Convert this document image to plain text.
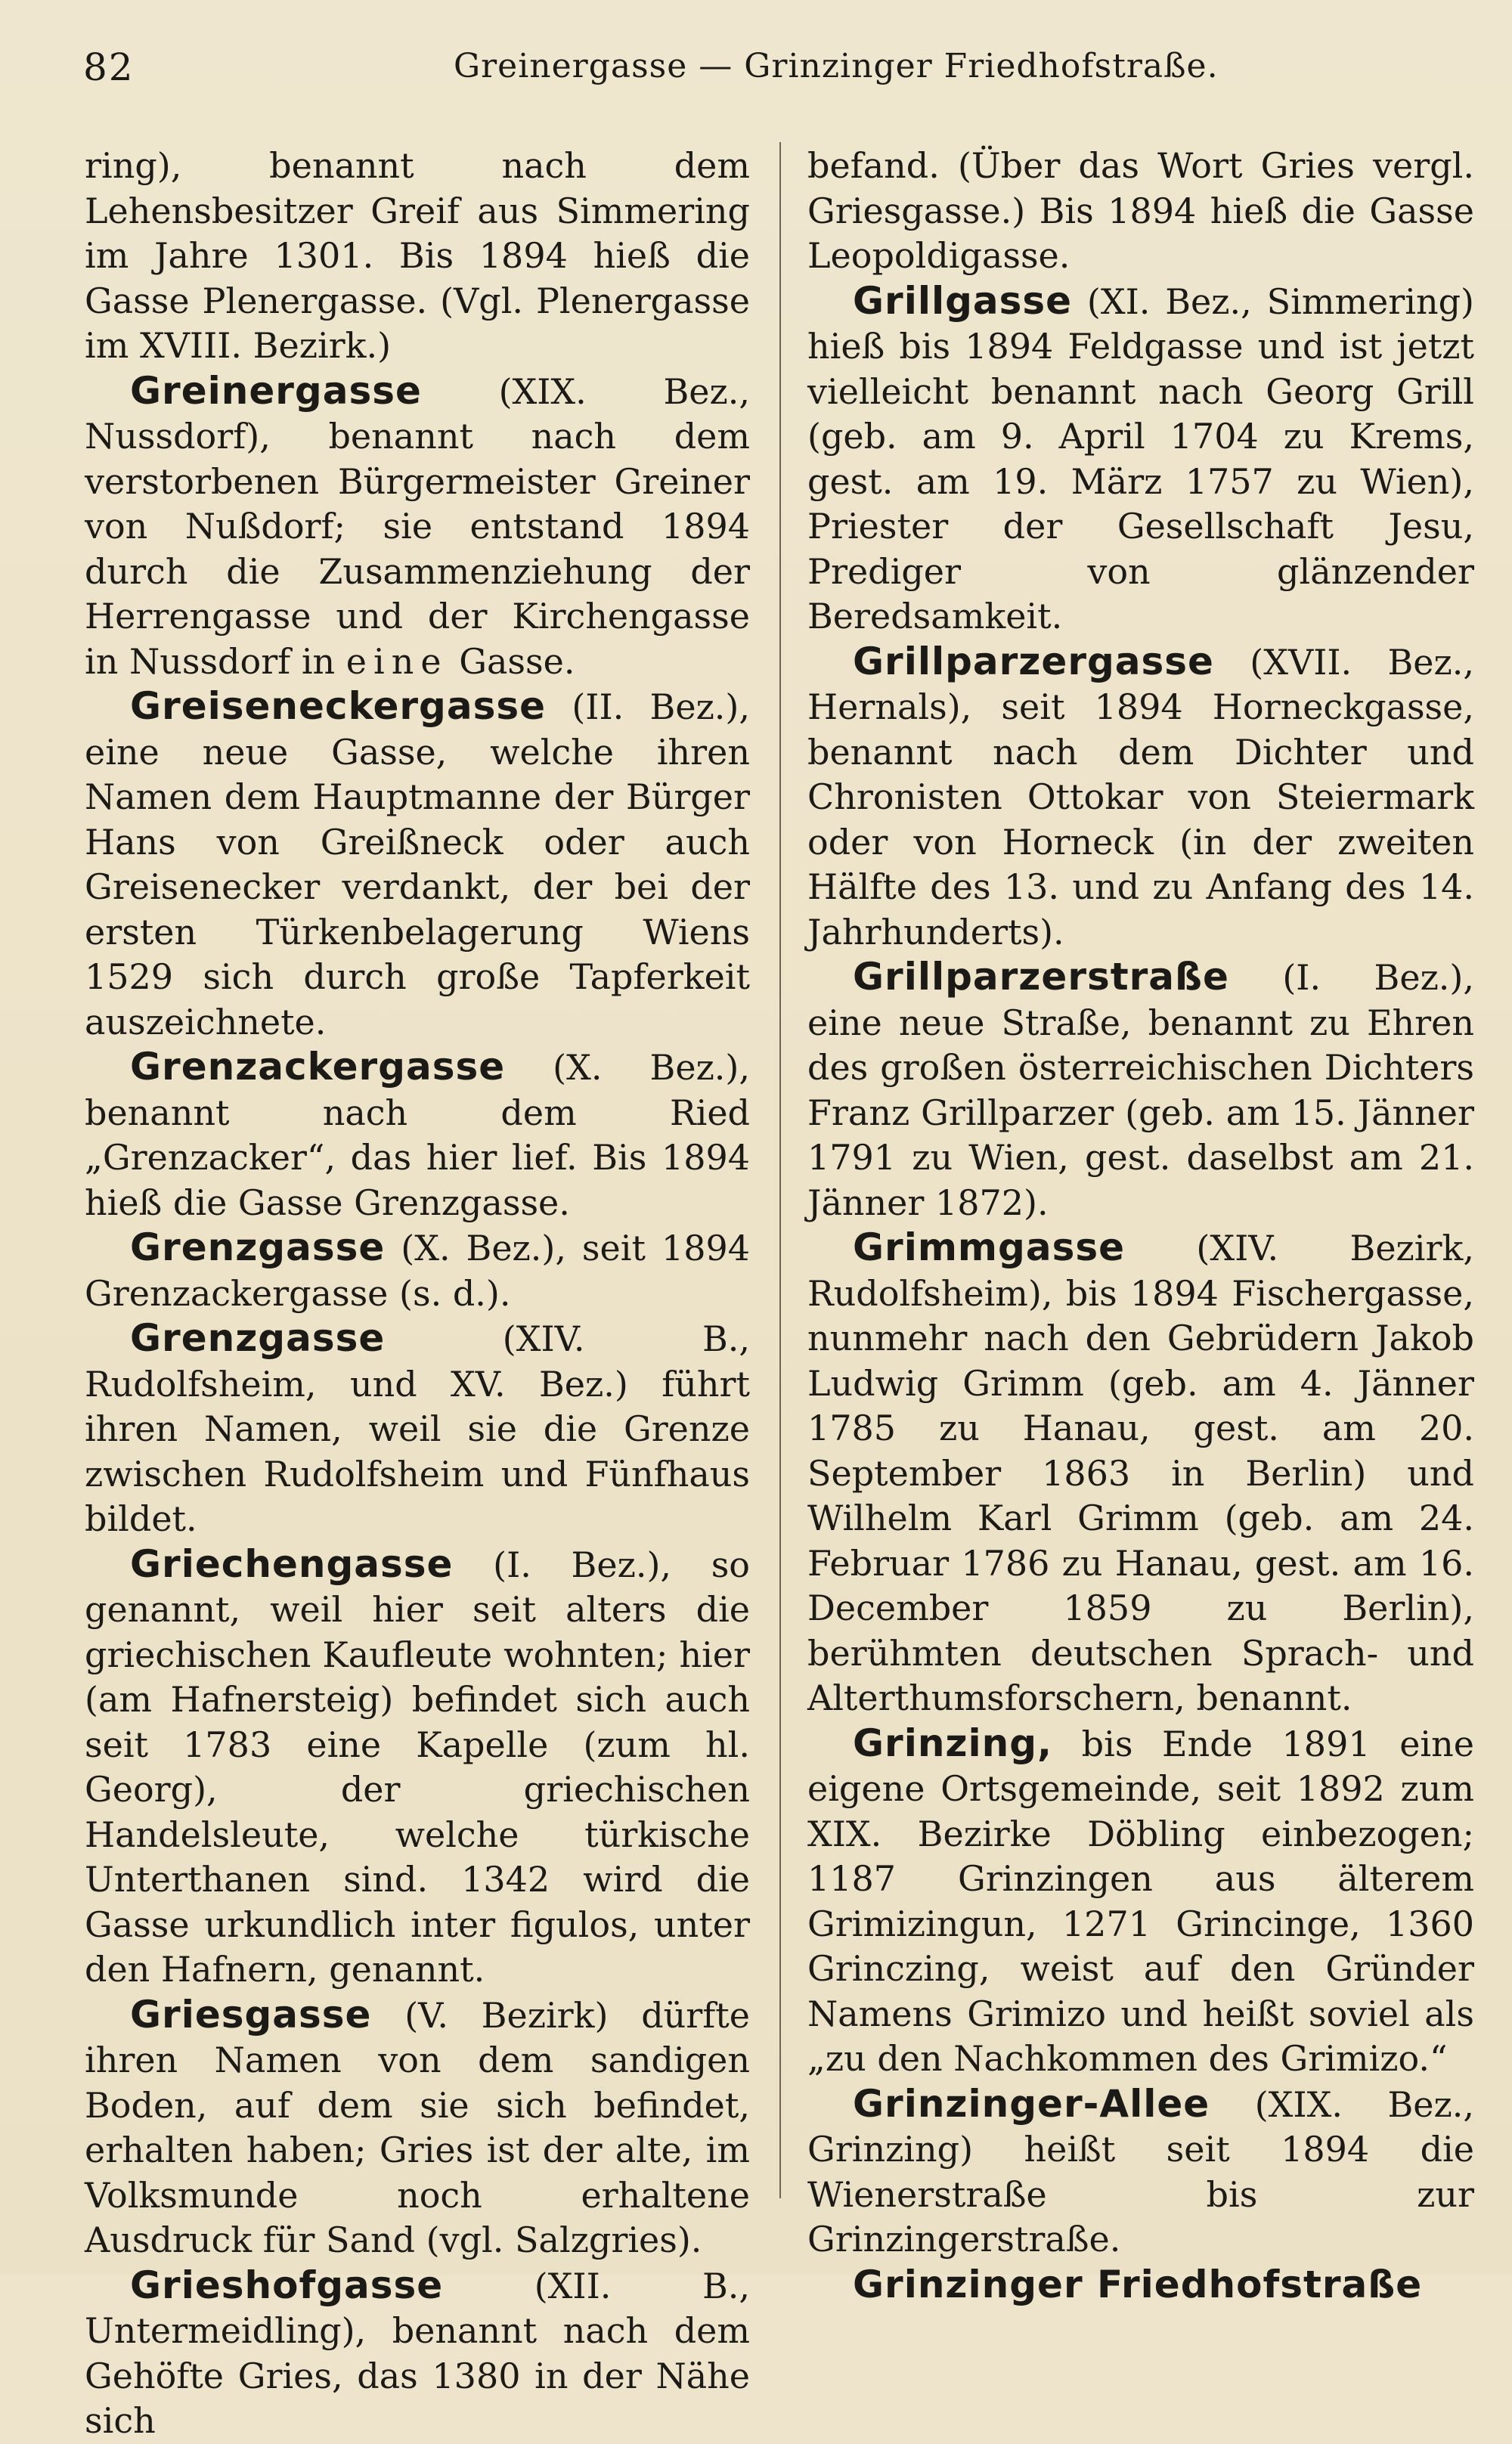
82	Greinergasse — Grinzinger Friedhofstraße.

ring), benannt nach dem Lehensbesitzer Greif aus Simmering im Jahre 1301. Bis 1894 hieß die Gasse Plenergasse. (Vgl. Plenergasse im XVIII. Bezirk.)

Greinergasse (XIX. Bez., Nussdorf), benannt nach dem verstorbenen Bürgermeister Greiner von Nußdorf; sie entstand 1894 durch die Zusammenziehung der Herrengasse und der Kirchengasse in Nussdorf in eine Gasse.

Greiseneckergasse (II. Bez.), eine neue Gasse, welche ihren Namen dem Hauptmanne der Bürger Hans von Greißneck oder auch Greisenecker verdankt, der bei der ersten Türkenbelagerung Wiens 1529 sich durch große Tapferkeit auszeichnete.

Grenzackergasse (X. Bez.), benannt nach dem Ried „Grenzacker“, das hier lief. Bis 1894 hieß die Gasse Grenzgasse.

Grenzgasse (X. Bez.), seit 1894 Grenzackergasse (s. d.).

Grenzgasse (XIV. B., Rudolfsheim, und XV. Bez.) führt ihren Namen, weil sie die Grenze zwischen Rudolfsheim und Fünfhaus bildet.

Griechengasse (I. Bez.), so genannt, weil hier seit alters die griechischen Kaufleute wohnten; hier (am Hafnersteig) befindet sich auch seit 1783 eine Kapelle (zum hl. Georg), der griechischen Handelsleute, welche türkische Unterthanen sind. 1342 wird die Gasse urkundlich inter figulos, unter den Hafnern, genannt.

Griesgasse (V. Bezirk) dürfte ihren Namen von dem sandigen Boden, auf dem sie sich befindet, erhalten haben; Gries ist der alte, im Volksmunde noch erhaltene Ausdruck für Sand (vgl. Salzgries).

Grieshofgasse (XII. B., Untermeidling), benannt nach dem Gehöfte Gries, das 1380 in der Nähe sich

befand. (Über das Wort Gries vergl. Griesgasse.) Bis 1894 hieß die Gasse Leopoldigasse.

Grillgasse (XI. Bez., Simmering) hieß bis 1894 Feldgasse und ist jetzt vielleicht benannt nach Georg Grill (geb. am 9. April 1704 zu Krems, gest. am 19. März 1757 zu Wien), Priester der Gesellschaft Jesu, Prediger von glänzender Beredsamkeit.

Grillparzergasse (XVII. Bez., Hernals), seit 1894 Horneckgasse, benannt nach dem Dichter und Chronisten Ottokar von Steiermark oder von Horneck (in der zweiten Hälfte des 13. und zu Anfang des 14. Jahrhunderts).

Grillparzerstraße (I. Bez.), eine neue Straße, benannt zu Ehren des großen österreichischen Dichters Franz Grillparzer (geb. am 15. Jänner 1791 zu Wien, gest. daselbst am 21. Jänner 1872).

Grimmgasse (XIV. Bezirk, Rudolfsheim), bis 1894 Fischergasse, nunmehr nach den Gebrüdern Jakob Ludwig Grimm (geb. am 4. Jänner 1785 zu Hanau, gest. am 20. September 1863 in Berlin) und Wilhelm Karl Grimm (geb. am 24. Februar 1786 zu Hanau, gest. am 16. December 1859 zu Berlin), berühmten deutschen Sprach- und Alterthumsforschern, benannt.

Grinzing, bis Ende 1891 eine eigene Ortsgemeinde, seit 1892 zum XIX. Bezirke Döbling einbezogen; 1187 Grinzingen aus älterem Grimizingun, 1271 Grincinge, 1360 Grinczing, weist auf den Gründer Namens Grimizo und heißt soviel als „zu den Nachkommen des Grimizo.“

Grinzinger-Allee (XIX. Bez., Grinzing) heißt seit 1894 die Wienerstraße bis zur Grinzingerstraße.

Grinzinger Friedhofstraße
